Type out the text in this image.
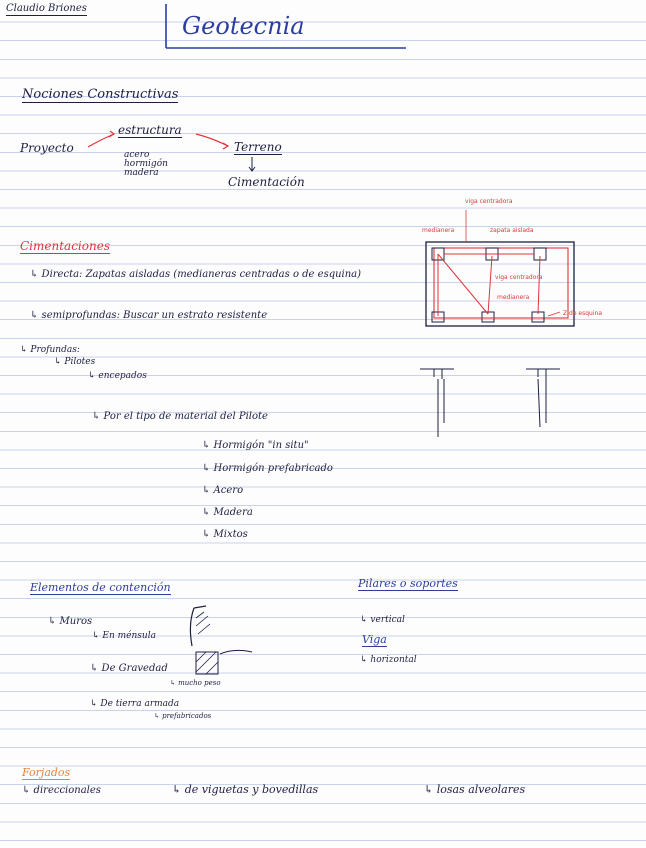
Claudio Briones
Geotecnia
Nociones Constructivas
Proyecto
estructura
Terreno
acero
hormigón
madera
Cimentación
Cimentaciones
↳ Directa: Zapatas aisladas (medianeras centradas o de esquina)
↳ semiprofundas: Buscar un estrato resistente
↳ Profundas:
↳ Pilotes
↳ encepados
↳ Por el tipo de material del Pilote
↳ Hormigón "in situ"
↳ Hormigón prefabricado
↳ Acero
↳ Madera
↳ Mixtos
viga centradora
medianera	zapata aislada
viga centradora
medianera
Z de esquina
Elementos de contención
↳ Muros
↳ En ménsula
↳ De Gravedad
↳ mucho peso
↳ De tierra armada
↳ prefabricados
Pilares o soportes
↳ vertical
Viga
↳ horizontal
Forjados
↳ direccionales	↳ de viguetas y bovedillas	↳ losas alveolares
